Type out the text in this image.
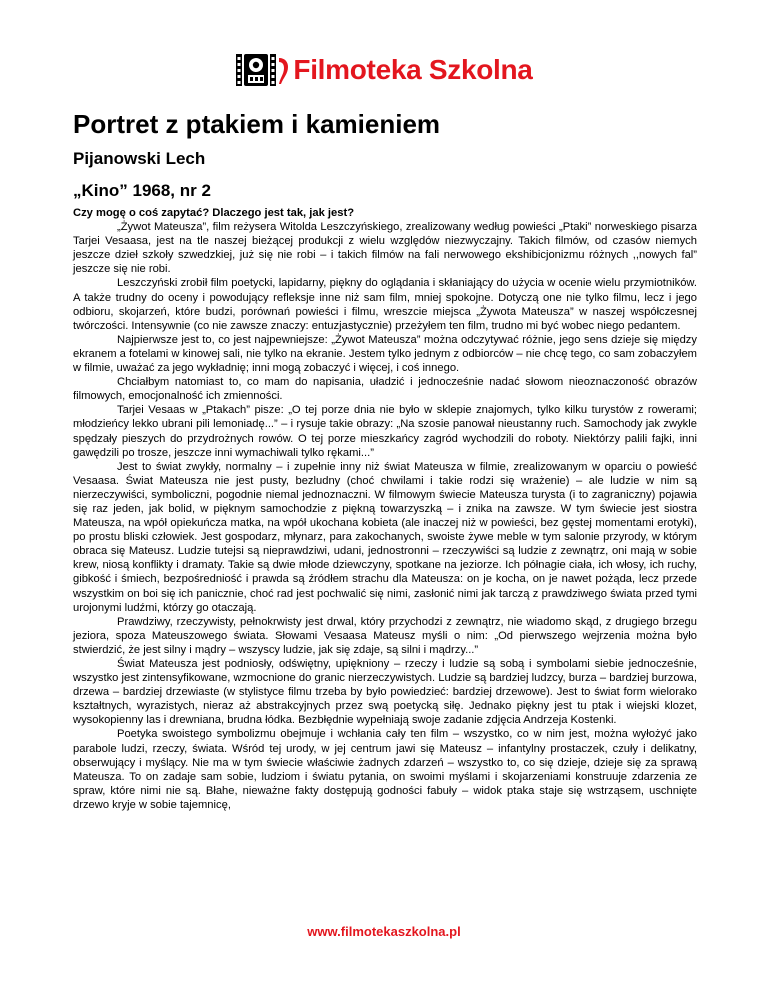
Filmoteka Szkolna
Portret z ptakiem i kamieniem
Pijanowski Lech
„Kino” 1968, nr 2

Czy mogę o coś zapytać? Dlaczego jest tak, jak jest?

„Żywot Mateusza”, film reżysera Witolda Leszczyńskiego, zrealizowany według powieści „Ptaki” norweskiego pisarza Tarjei Vesaasa, jest na tle naszej bieżącej produkcji z wielu względów niezwyczajny. Takich filmów, od czasów niemych jeszcze dzieł szkoły szwedzkiej, już się nie robi – i takich filmów na fali nerwowego ekshibicjonizmu różnych ,,nowych fal” jeszcze się nie robi.

Leszczyński zrobił film poetycki, lapidarny, piękny do oglądania i skłaniający do użycia w ocenie wielu przymiotników. A także trudny do oceny i powodujący refleksje inne niż sam film, mniej spokojne. Dotyczą one nie tylko filmu, lecz i jego odbioru, skojarzeń, które budzi, porównań powieści i filmu, wreszcie miejsca „Żywota Mateusza” w naszej współczesnej twórczości. Intensywnie (co nie zawsze znaczy: entuzjastycznie) przeżyłem ten film, trudno mi być wobec niego pedantem.

Najpierwsze jest to, co jest najpewniejsze: „Żywot Mateusza” można odczytywać różnie, jego sens dzieje się między ekranem a fotelami w kinowej sali, nie tylko na ekranie. Jestem tylko jednym z odbiorców – nie chcę tego, co sam zobaczyłem w filmie, uważać za jego wykładnię; inni mogą zobaczyć i więcej, i coś innego.

Chciałbym natomiast to, co mam do napisania, uładzić i jednocześnie nadać słowom nieoznaczoność obrazów filmowych, emocjonalność ich zmienności.

Tarjei Vesaas w „Ptakach” pisze: „O tej porze dnia nie było w sklepie znajomych, tylko kilku turystów z rowerami; młodzieńcy lekko ubrani pili lemoniadę...” – i rysuje takie obrazy: „Na szosie panował nieustanny ruch. Samochody jak zwykle spędzały pieszych do przydrożnych rowów. O tej porze mieszkańcy zagród wychodzili do roboty. Niektórzy palili fajki, inni gawędzili po trosze, jeszcze inni wymachiwali tylko rękami...”

Jest to świat zwykły, normalny – i zupełnie inny niż świat Mateusza w filmie, zrealizowanym w oparciu o powieść Vesaasa. Świat Mateusza nie jest pusty, bezludny (choć chwilami i takie rodzi się wrażenie) – ale ludzie w nim są nierzeczywiści, symboliczni, pogodnie niemal jednoznaczni. W filmowym świecie Mateusza turysta (i to zagraniczny) pojawia się raz jeden, jak bolid, w pięknym samochodzie z piękną towarzyszką – i znika na zawsze. W tym świecie jest siostra Mateusza, na wpół opiekuńcza matka, na wpół ukochana kobieta (ale inaczej niż w powieści, bez gęstej momentami erotyki), po prostu bliski człowiek. Jest gospodarz, młynarz, para zakochanych, swoiste żywe meble w tym salonie przyrody, w którym obraca się Mateusz. Ludzie tutejsi są nieprawdziwi, udani, jednostronni – rzeczywiści są ludzie z zewnątrz, oni mają w sobie krew, niosą konflikty i dramaty. Takie są dwie młode dziewczyny, spotkane na jeziorze. Ich półnagie ciała, ich włosy, ich ruchy, gibkość i śmiech, bezpośredniość i prawda są źródłem strachu dla Mateusza: on je kocha, on je nawet pożąda, lecz przede wszystkim on boi się ich panicznie, choć rad jest pochwalić się nimi, zasłonić nimi jak tarczą z prawdziwego świata przed tymi urojonymi ludźmi, którzy go otaczają.

Prawdziwy, rzeczywisty, pełnokrwisty jest drwal, który przychodzi z zewnątrz, nie wiadomo skąd, z drugiego brzegu jeziora, spoza Mateuszowego świata. Słowami Vesaasa Mateusz myśli o nim: „Od pierwszego wejrzenia można było stwierdzić, że jest silny i mądry – wszyscy ludzie, jak się zdaje, są silni i mądrzy...”

Świat Mateusza jest podniosły, odświętny, upiękniony – rzeczy i ludzie są sobą i symbolami siebie jednocześnie, wszystko jest zintensyfikowane, wzmocnione do granic nierzeczywistych. Ludzie są bardziej ludzcy, burza – bardziej burzowa, drzewa – bardziej drzewiaste (w stylistyce filmu trzeba by było powiedzieć: bardziej drzewowe). Jest to świat form wielorako kształtnych, wyrazistych, nieraz aż abstrakcyjnych przez swą poetycką siłę. Jednako piękny jest tu ptak i wiejski klozet, wysokopienny las i drewniana, brudna łódka. Bezbłędnie wypełniają swoje zadanie zdjęcia Andrzeja Kostenki.

Poetyka swoistego symbolizmu obejmuje i wchłania cały ten film – wszystko, co w nim jest, można wyłożyć jako parabole ludzi, rzeczy, świata. Wśród tej urody, w jej centrum jawi się Mateusz – infantylny prostaczek, czuły i delikatny, obserwujący i myślący. Nie ma w tym świecie właściwie żadnych zdarzeń – wszystko to, co się dzieje, dzieje się za sprawą Mateusza. To on zadaje sam sobie, ludziom i światu pytania, on swoimi myślami i skojarzeniami konstruuje zdarzenia ze spraw, które nimi nie są. Błahe, nieważne fakty dostępują godności fabuły – widok ptaka staje się wstrząsem, uschnięte drzewo kryje w sobie tajemnicę,

www.filmotekaszkolna.pl
